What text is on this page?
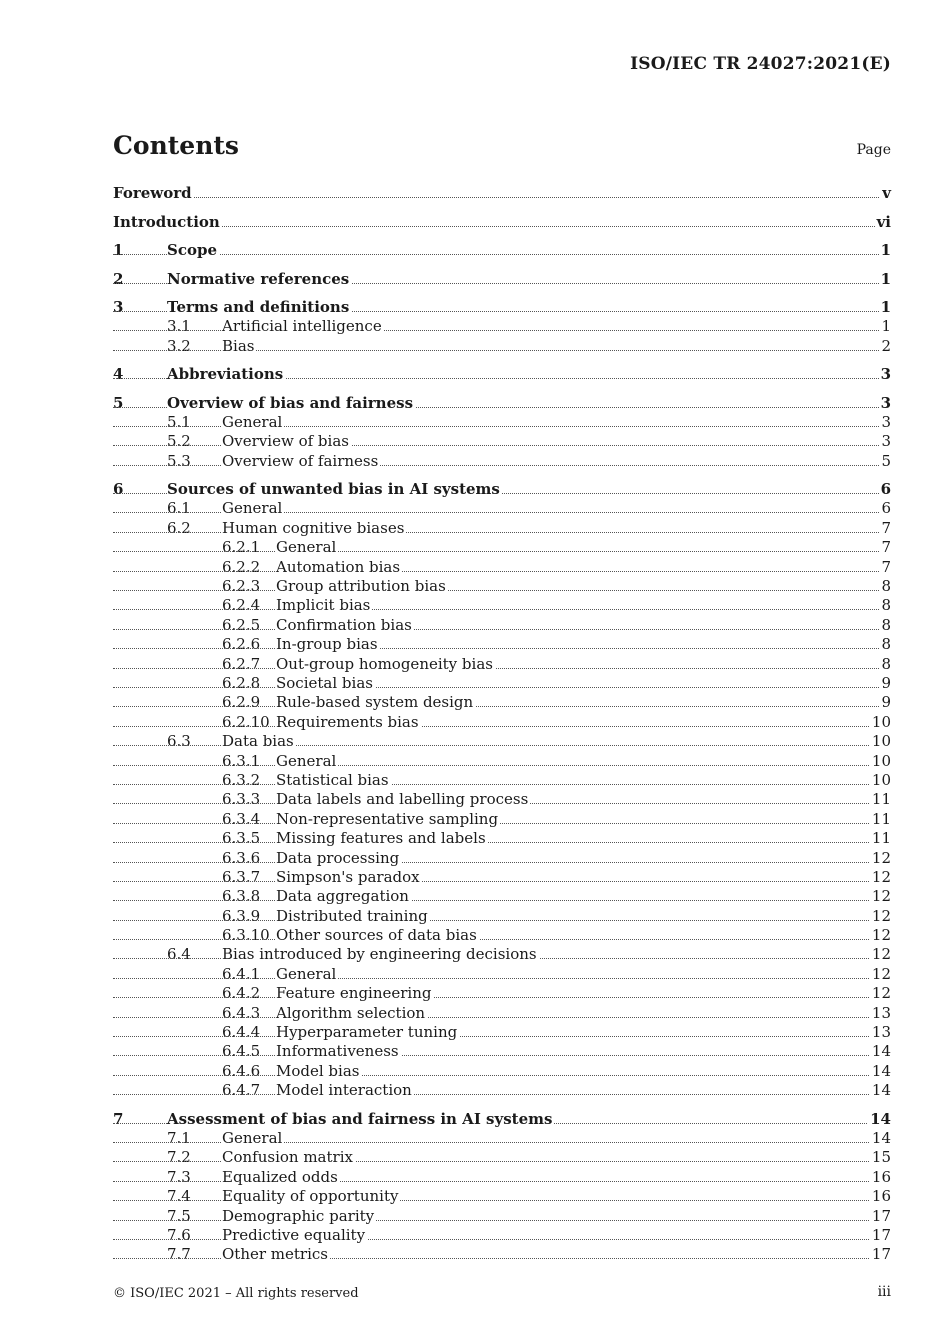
ISO/IEC TR 24027:2021(E)
Contents	Page
Foreword	v
Introduction	vi
1	Scope	1
2	Normative references	1
3	Terms and definitions	1
3.1 Artificial intelligence	1
3.2 Bias	2
4	Abbreviations	3
5	Overview of bias and fairness	3
5.1 General	3
5.2 Overview of bias	3
5.3 Overview of fairness	5
6	Sources of unwanted bias in AI systems	6
6.1 General	6
6.2 Human cognitive biases	7
6.2.1 General	7
6.2.2 Automation bias	7
6.2.3 Group attribution bias	8
6.2.4 Implicit bias	8
6.2.5 Confirmation bias	8
6.2.6 In-group bias	8
6.2.7 Out-group homogeneity bias	8
6.2.8 Societal bias	9
6.2.9 Rule-based system design	9
6.2.10 Requirements bias	10
6.3 Data bias	10
6.3.1 General	10
6.3.2 Statistical bias	10
6.3.3 Data labels and labelling process	11
6.3.4 Non-representative sampling	11
6.3.5 Missing features and labels	11
6.3.6 Data processing	12
6.3.7 Simpson's paradox	12
6.3.8 Data aggregation	12
6.3.9 Distributed training	12
6.3.10 Other sources of data bias	12
6.4 Bias introduced by engineering decisions	12
6.4.1 General	12
6.4.2 Feature engineering	12
6.4.3 Algorithm selection	13
6.4.4 Hyperparameter tuning	13
6.4.5 Informativeness	14
6.4.6 Model bias	14
6.4.7 Model interaction	14
7	Assessment of bias and fairness in AI systems	14
7.1 General	14
7.2 Confusion matrix	15
7.3 Equalized odds	16
7.4 Equality of opportunity	16
7.5 Demographic parity	17
7.6 Predictive equality	17
7.7 Other metrics	17
© ISO/IEC 2021 – All rights reserved	iii
